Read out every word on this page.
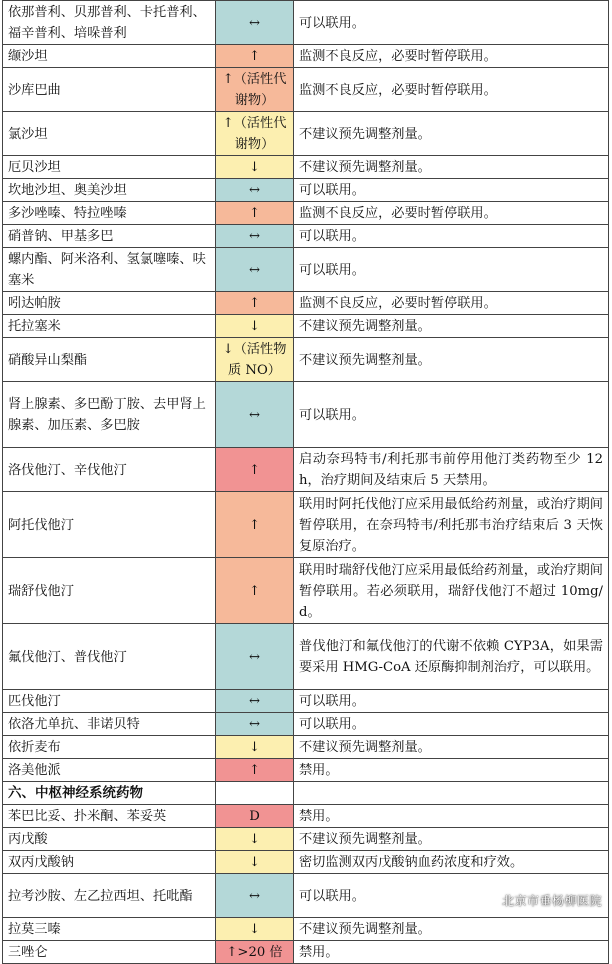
依那普利、贝那普利、卡托普利、福辛普利、培哚普利	↔	可以联用。
缬沙坦	↑	监测不良反应，必要时暂停联用。
沙库巴曲	↑（活性代谢物）	监测不良反应，必要时暂停联用。
氯沙坦	↑（活性代谢物）	不建议预先调整剂量。
厄贝沙坦	↓	不建议预先调整剂量。
坎地沙坦、奥美沙坦	↔	可以联用。
多沙唑嗪、特拉唑嗪	↑	监测不良反应，必要时暂停联用。
硝普钠、甲基多巴	↔	可以联用。
螺内酯、阿米洛利、氢氯噻嗪、呋塞米	↔	可以联用。
吲达帕胺	↑	监测不良反应，必要时暂停联用。
托拉塞米	↓	不建议预先调整剂量。
硝酸异山梨酯	↓（活性物质 NO）	不建议预先调整剂量。
肾上腺素、多巴酚丁胺、去甲肾上腺素、加压素、多巴胺	↔	可以联用。
洛伐他汀、辛伐他汀	↑	启动奈玛特韦/利托那韦前停用他汀类药物至少 12h，治疗期间及结束后 5 天禁用。
阿托伐他汀	↑	联用时阿托伐他汀应采用最低给药剂量，或治疗期间暂停联用，在奈玛特韦/利托那韦治疗结束后 3 天恢复原治疗。
瑞舒伐他汀	↑	联用时瑞舒伐他汀应采用最低给药剂量，或治疗期间暂停联用。若必须联用，瑞舒伐他汀不超过 10mg/d。
氟伐他汀、普伐他汀	↔	普伐他汀和氟伐他汀的代谢不依赖 CYP3A，如果需要采用 HMG-CoA 还原酶抑制剂治疗，可以联用。
匹伐他汀	↔	可以联用。
依洛尤单抗、非诺贝特	↔	可以联用。
依折麦布	↓	不建议预先调整剂量。
洛美他派	↑	禁用。
六、中枢神经系统药物		
苯巴比妥、扑米酮、苯妥英	D	禁用。
丙戊酸	↓	不建议预先调整剂量。
双丙戊酸钠	↓	密切监测双丙戊酸钠血药浓度和疗效。
拉考沙胺、左乙拉西坦、托吡酯	↔	可以联用。
拉莫三嗪	↓	不建议预先调整剂量。
三唑仑	↑>20 倍	禁用。
北京市垂杨柳医院
